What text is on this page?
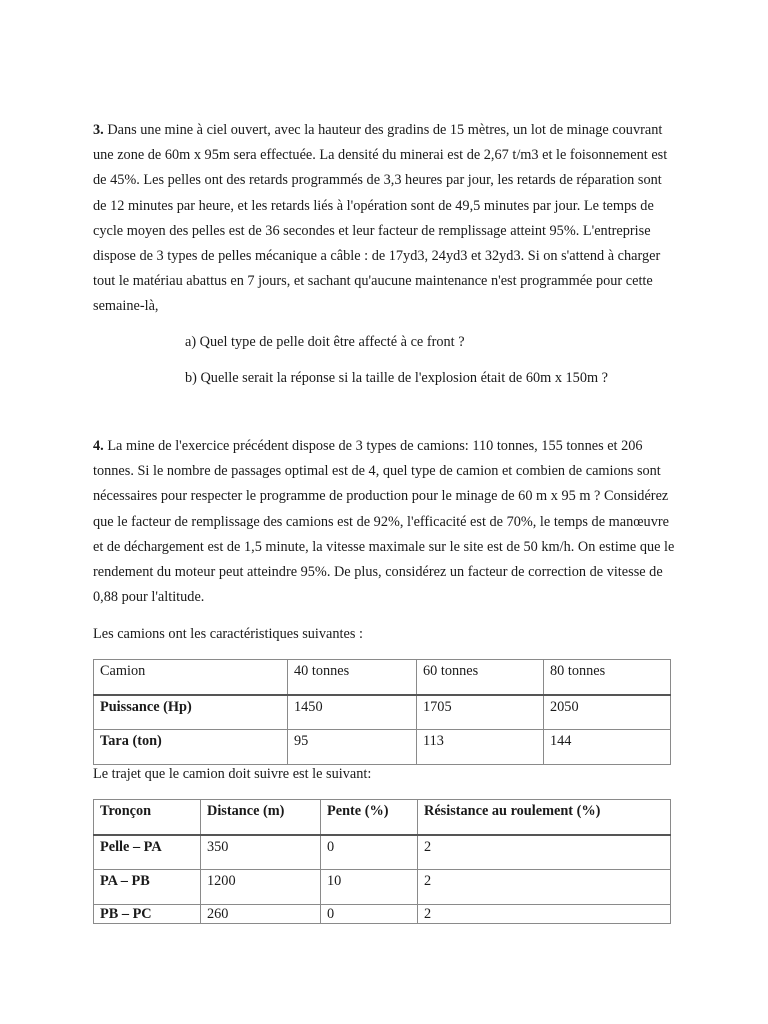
3. Dans une mine à ciel ouvert, avec la hauteur des gradins de 15 mètres, un lot de minage couvrant une zone de 60m x 95m sera effectuée. La densité du minerai est de 2,67 t/m3 et le foisonnement est de 45%. Les pelles ont des retards programmés de 3,3 heures par jour, les retards de réparation sont de 12 minutes par heure, et les retards liés à l'opération sont de 49,5 minutes par jour. Le temps de cycle moyen des pelles est de 36 secondes et leur facteur de remplissage atteint 95%. L'entreprise dispose de 3 types de pelles mécanique a câble : de 17yd3, 24yd3 et 32yd3. Si on s'attend à charger tout le matériau abattus en 7 jours, et sachant qu'aucune maintenance n'est programmée pour cette semaine-là,

a) Quel type de pelle doit être affecté à ce front ?

b) Quelle serait la réponse si la taille de l'explosion était de 60m x 150m ?

4. La mine de l'exercice précédent dispose de 3 types de camions: 110 tonnes, 155 tonnes et 206 tonnes. Si le nombre de passages optimal est de 4, quel type de camion et combien de camions sont nécessaires pour respecter le programme de production pour le minage de 60 m x 95 m ? Considérez que le facteur de remplissage des camions est de 92%, l'efficacité est de 70%, le temps de manœuvre et de déchargement est de 1,5 minute, la vitesse maximale sur le site est de 50 km/h. On estime que le rendement du moteur peut atteindre 95%. De plus, considérez un facteur de correction de vitesse de 0,88 pour l'altitude.

Les camions ont les caractéristiques suivantes :

Camion	40 tonnes	60 tonnes	80 tonnes
Puissance (Hp)	1450	1705	2050
Tara (ton)	95	113	144

Le trajet que le camion doit suivre est le suivant:

Tronçon	Distance (m)	Pente (%)	Résistance au roulement (%)
Pelle – PA	350	0	2
PA – PB	1200	10	2
PB – PC	260	0	2
